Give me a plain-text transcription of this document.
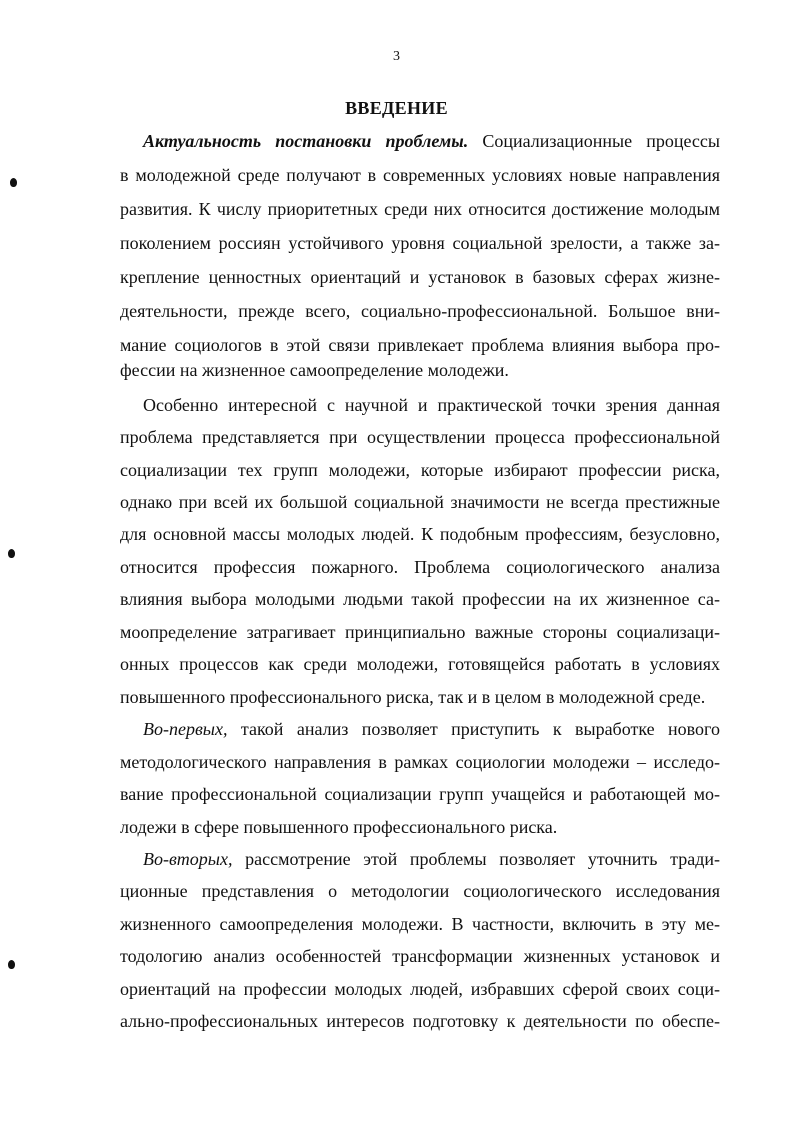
3
ВВЕДЕНИЕ
Актуальность постановки проблемы. Социализационные процессы
в молодежной среде получают в современных условиях новые направления
развития. К числу приоритетных среди них относится достижение молодым
поколением россиян устойчивого уровня социальной зрелости, а также за-
крепление ценностных ориентаций и установок в базовых сферах жизне-
деятельности, прежде всего, социально-профессиональной. Большое вни-
мание социологов в этой связи привлекает проблема влияния выбора про-
фессии на жизненное самоопределение молодежи.
Особенно интересной с научной и практической точки зрения данная
проблема представляется при осуществлении процесса профессиональной
социализации тех групп молодежи, которые избирают профессии риска,
однако при всей их большой социальной значимости не всегда престижные
для основной массы молодых людей. К подобным профессиям, безусловно,
относится профессия пожарного. Проблема социологического анализа
влияния выбора молодыми людьми такой профессии на их жизненное са-
моопределение затрагивает принципиально важные стороны социализаци-
онных процессов как среди молодежи, готовящейся работать в условиях
повышенного профессионального риска, так и в целом в молодежной среде.
Во-первых, такой анализ позволяет приступить к выработке нового
методологического направления в рамках социологии молодежи – исследо-
вание профессиональной социализации групп учащейся и работающей мо-
лодежи в сфере повышенного профессионального риска.
Во-вторых, рассмотрение этой проблемы позволяет уточнить тради-
ционные представления о методологии социологического исследования
жизненного самоопределения молодежи. В частности, включить в эту ме-
тодологию анализ особенностей трансформации жизненных установок и
ориентаций на профессии молодых людей, избравших сферой своих соци-
ально-профессиональных интересов подготовку к деятельности по обеспе-
